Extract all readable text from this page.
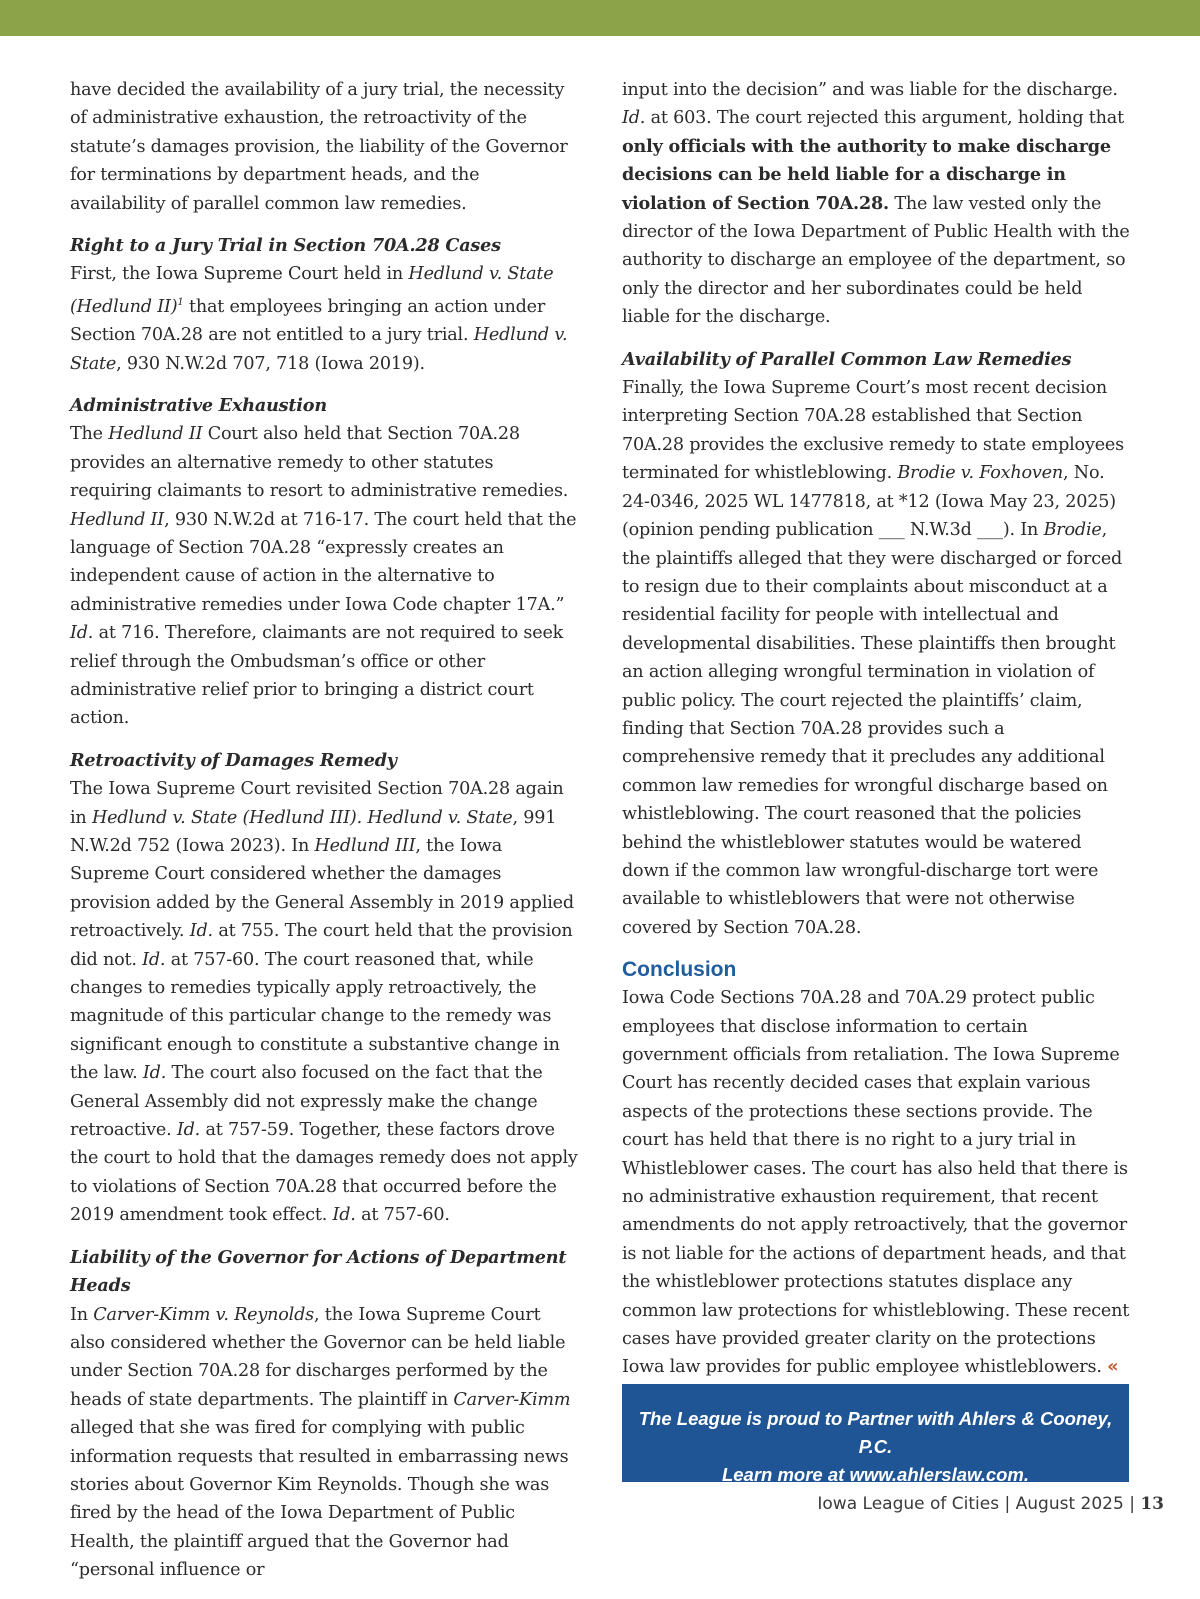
have decided the availability of a jury trial, the necessity of administrative exhaustion, the retroactivity of the statute’s damages provision, the liability of the Governor for terminations by department heads, and the availability of parallel common law remedies.

Right to a Jury Trial in Section 70A.28 Cases

First, the Iowa Supreme Court held in Hedlund v. State (Hedlund II)$^1$ that employees bringing an action under Section 70A.28 are not entitled to a jury trial. Hedlund v. State, 930 N.W.2d 707, 718 (Iowa 2019).

Administrative Exhaustion

The Hedlund II Court also held that Section 70A.28 provides an alternative remedy to other statutes requiring claimants to resort to administrative remedies. Hedlund II, 930 N.W.2d at 716-17. The court held that the language of Section 70A.28 “expressly creates an independent cause of action in the alternative to administrative remedies under Iowa Code chapter 17A.” Id. at 716. Therefore, claimants are not required to seek relief through the Ombudsman’s office or other administrative relief prior to bringing a district court action.

Retroactivity of Damages Remedy

The Iowa Supreme Court revisited Section 70A.28 again in Hedlund v. State (Hedlund III). Hedlund v. State, 991 N.W.2d 752 (Iowa 2023). In Hedlund III, the Iowa Supreme Court considered whether the damages provision added by the General Assembly in 2019 applied retroactively. Id. at 755. The court held that the provision did not. Id. at 757-60. The court reasoned that, while changes to remedies typically apply retroactively, the magnitude of this particular change to the remedy was significant enough to constitute a substantive change in the law. Id. The court also focused on the fact that the General Assembly did not expressly make the change retroactive. Id. at 757-59. Together, these factors drove the court to hold that the damages remedy does not apply to violations of Section 70A.28 that occurred before the 2019 amendment took effect. Id. at 757-60.

Liability of the Governor for Actions of Department Heads

In Carver-Kimm v. Reynolds, the Iowa Supreme Court also considered whether the Governor can be held liable under Section 70A.28 for discharges performed by the heads of state departments. The plaintiff in Carver-Kimm alleged that she was fired for complying with public information requests that resulted in embarrassing news stories about Governor Kim Reynolds. Though she was fired by the head of the Iowa Department of Public Health, the plaintiff argued that the Governor had “personal influence or

input into the decision” and was liable for the discharge. Id. at 603. The court rejected this argument, holding that only officials with the authority to make discharge decisions can be held liable for a discharge in violation of Section 70A.28. The law vested only the director of the Iowa Department of Public Health with the authority to discharge an employee of the department, so only the director and her subordinates could be held liable for the discharge.

Availability of Parallel Common Law Remedies

Finally, the Iowa Supreme Court’s most recent decision interpreting Section 70A.28 established that Section 70A.28 provides the exclusive remedy to state employees terminated for whistleblowing. Brodie v. Foxhoven, No. 24-0346, 2025 WL 1477818, at *12 (Iowa May 23, 2025) (opinion pending publication ___ N.W.3d ___). In Brodie, the plaintiffs alleged that they were discharged or forced to resign due to their complaints about misconduct at a residential facility for people with intellectual and developmental disabilities. These plaintiffs then brought an action alleging wrongful termination in violation of public policy. The court rejected the plaintiffs’ claim, finding that Section 70A.28 provides such a comprehensive remedy that it precludes any additional common law remedies for wrongful discharge based on whistleblowing. The court reasoned that the policies behind the whistleblower statutes would be watered down if the common law wrongful-discharge tort were available to whistleblowers that were not otherwise covered by Section 70A.28.

Conclusion

Iowa Code Sections 70A.28 and 70A.29 protect public employees that disclose information to certain government officials from retaliation. The Iowa Supreme Court has recently decided cases that explain various aspects of the protections these sections provide. The court has held that there is no right to a jury trial in Whistleblower cases. The court has also held that there is no administrative exhaustion requirement, that recent amendments do not apply retroactively, that the governor is not liable for the actions of department heads, and that the whistleblower protections statutes displace any common law protections for whistleblowing. These recent cases have provided greater clarity on the protections Iowa law provides for public employee whistleblowers. «

The League is proud to Partner with Ahlers & Cooney, P.C.
Learn more at www.ahlerslaw.com.
Iowa League of Cities | August 2025 | 13
